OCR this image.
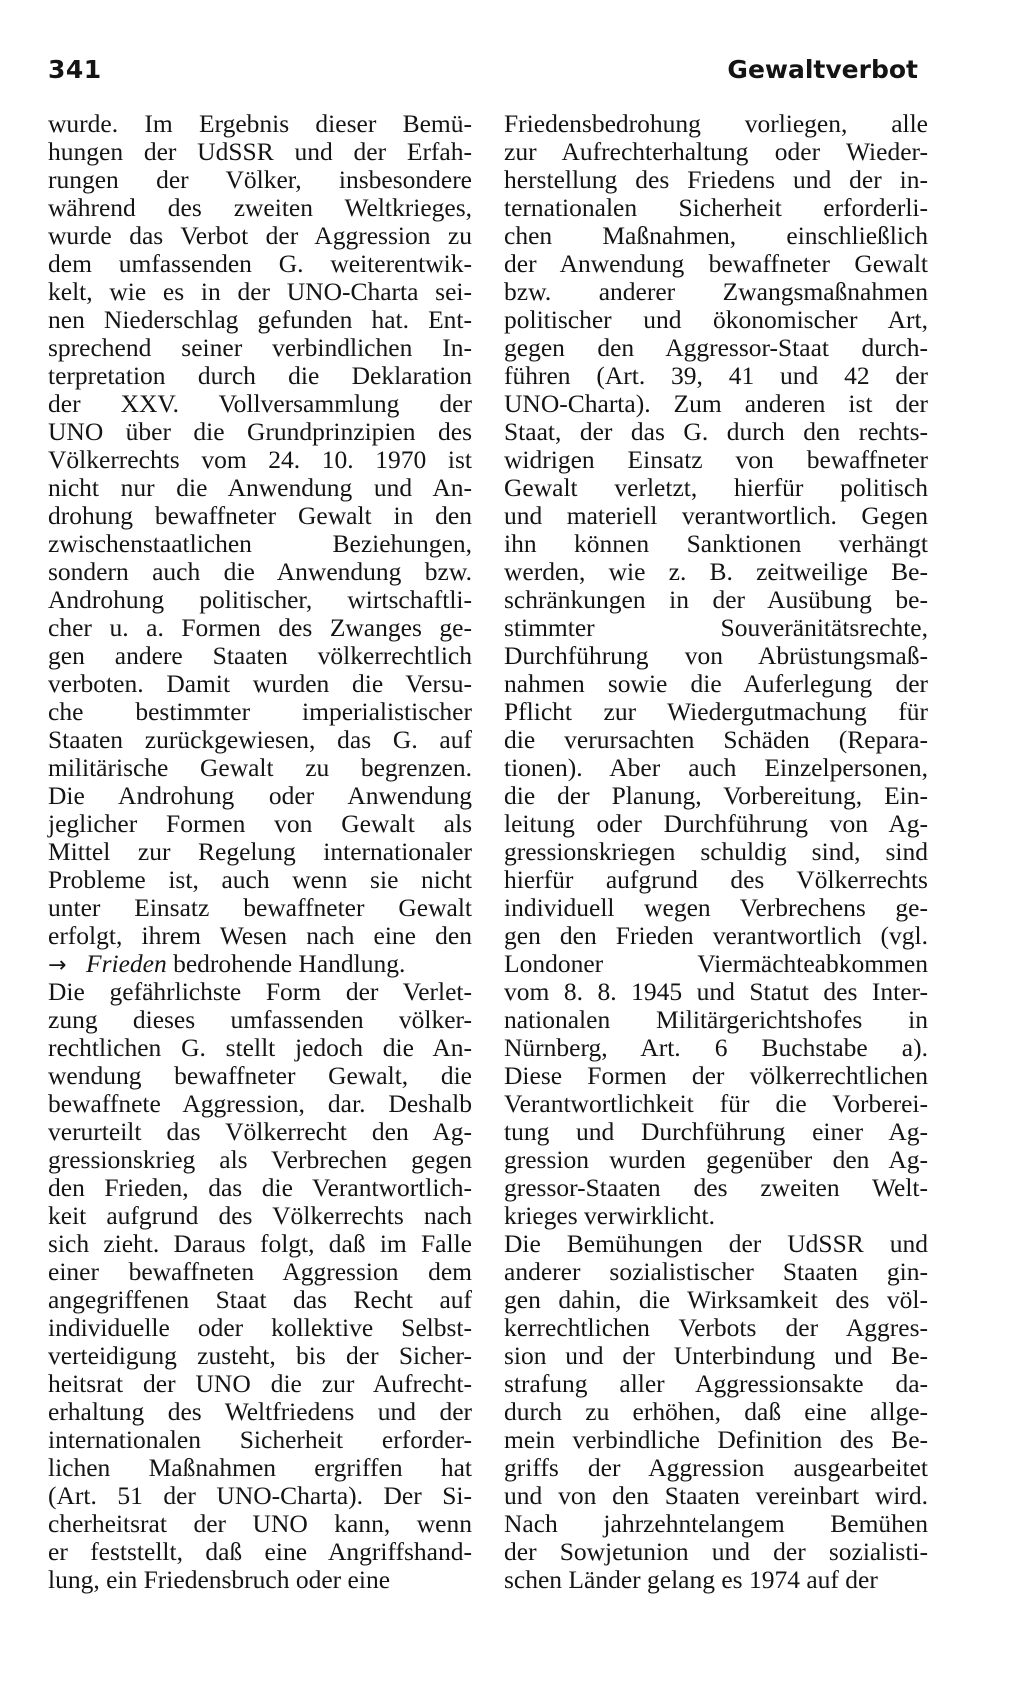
341	Gewaltverbot
wurde. Im Ergebnis dieser Bemü-
hungen der UdSSR und der Erfah-
rungen der Völker, insbesondere
während des zweiten Weltkrieges,
wurde das Verbot der Aggression zu
dem umfassenden G. weiterentwik-
kelt, wie es in der UNO-Charta sei-
nen Niederschlag gefunden hat. Ent-
sprechend seiner verbindlichen In-
terpretation durch die Deklaration
der XXV. Vollversammlung der
UNO über die Grundprinzipien des
Völkerrechts vom 24. 10. 1970 ist
nicht nur die Anwendung und An-
drohung bewaffneter Gewalt in den
zwischenstaatlichen Beziehungen,
sondern auch die Anwendung bzw.
Androhung politischer, wirtschaftli-
cher u. a. Formen des Zwanges ge-
gen andere Staaten völkerrechtlich
verboten. Damit wurden die Versu-
che bestimmter imperialistischer
Staaten zurückgewiesen, das G. auf
militärische Gewalt zu begrenzen.
Die Androhung oder Anwendung
jeglicher Formen von Gewalt als
Mittel zur Regelung internationaler
Probleme ist, auch wenn sie nicht
unter Einsatz bewaffneter Gewalt
erfolgt, ihrem Wesen nach eine den
→ Frieden bedrohende Handlung.
Die gefährlichste Form der Verlet-
zung dieses umfassenden völker-
rechtlichen G. stellt jedoch die An-
wendung bewaffneter Gewalt, die
bewaffnete Aggression, dar. Deshalb
verurteilt das Völkerrecht den Ag-
gressionskrieg als Verbrechen gegen
den Frieden, das die Verantwortlich-
keit aufgrund des Völkerrechts nach
sich zieht. Daraus folgt, daß im Falle
einer bewaffneten Aggression dem
angegriffenen Staat das Recht auf
individuelle oder kollektive Selbst-
verteidigung zusteht, bis der Sicher-
heitsrat der UNO die zur Aufrecht-
erhaltung des Weltfriedens und der
internationalen Sicherheit erforder-
lichen Maßnahmen ergriffen hat
(Art. 51 der UNO-Charta). Der Si-
cherheitsrat der UNO kann, wenn
er feststellt, daß eine Angriffshand-
lung, ein Friedensbruch oder eine
Friedensbedrohung vorliegen, alle
zur Aufrechterhaltung oder Wieder-
herstellung des Friedens und der in-
ternationalen Sicherheit erforderli-
chen Maßnahmen, einschließlich
der Anwendung bewaffneter Gewalt
bzw. anderer Zwangsmaßnahmen
politischer und ökonomischer Art,
gegen den Aggressor-Staat durch-
führen (Art. 39, 41 und 42 der
UNO-Charta). Zum anderen ist der
Staat, der das G. durch den rechts-
widrigen Einsatz von bewaffneter
Gewalt verletzt, hierfür politisch
und materiell verantwortlich. Gegen
ihn können Sanktionen verhängt
werden, wie z. B. zeitweilige Be-
schränkungen in der Ausübung be-
stimmter Souveränitätsrechte,
Durchführung von Abrüstungsmaß-
nahmen sowie die Auferlegung der
Pflicht zur Wiedergutmachung für
die verursachten Schäden (Repara-
tionen). Aber auch Einzelpersonen,
die der Planung, Vorbereitung, Ein-
leitung oder Durchführung von Ag-
gressionskriegen schuldig sind, sind
hierfür aufgrund des Völkerrechts
individuell wegen Verbrechens ge-
gen den Frieden verantwortlich (vgl.
Londoner Viermächteabkommen
vom 8. 8. 1945 und Statut des Inter-
nationalen Militärgerichtshofes in
Nürnberg, Art. 6 Buchstabe a).
Diese Formen der völkerrechtlichen
Verantwortlichkeit für die Vorberei-
tung und Durchführung einer Ag-
gression wurden gegenüber den Ag-
gressor-Staaten des zweiten Welt-
krieges verwirklicht.
Die Bemühungen der UdSSR und
anderer sozialistischer Staaten gin-
gen dahin, die Wirksamkeit des völ-
kerrechtlichen Verbots der Aggres-
sion und der Unterbindung und Be-
strafung aller Aggressionsakte da-
durch zu erhöhen, daß eine allge-
mein verbindliche Definition des Be-
griffs der Aggression ausgearbeitet
und von den Staaten vereinbart wird.
Nach jahrzehntelangem Bemühen
der Sowjetunion und der sozialisti-
schen Länder gelang es 1974 auf der
